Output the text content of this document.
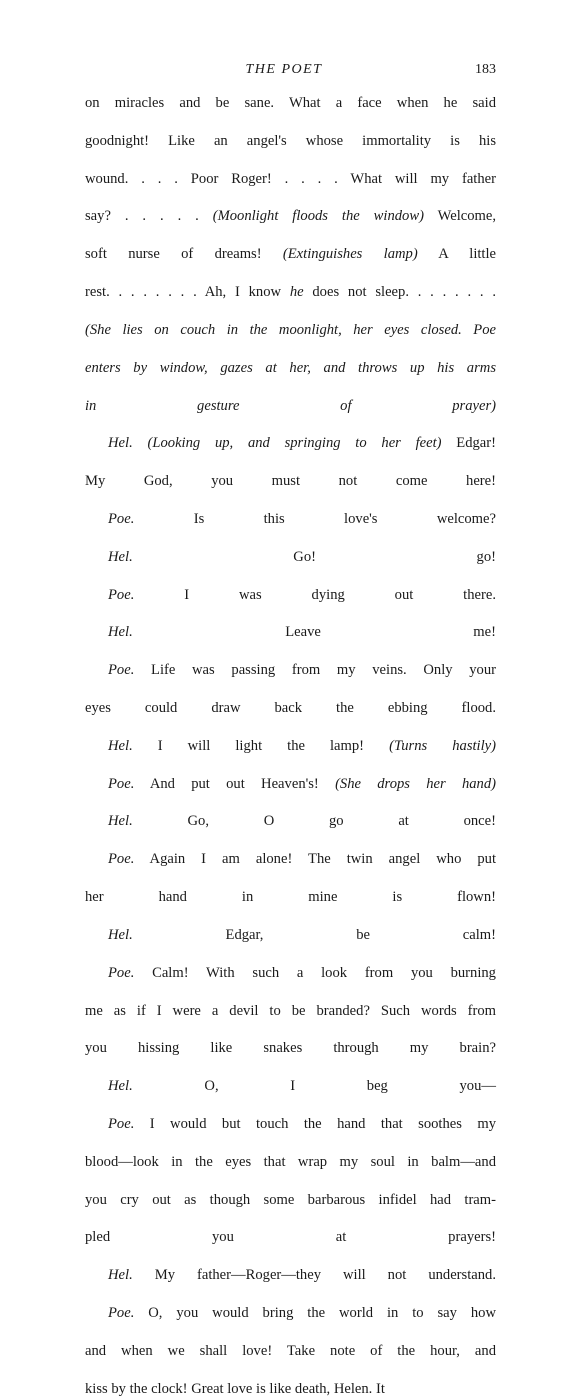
THE POET	183

on miracles and be sane. What a face when he said

goodnight! Like an angel's whose immortality is his

wound. . . . Poor Roger! . . . . What will my father

say? . . . . . (Moonlight floods the window) Welcome,

soft nurse of dreams! (Extinguishes lamp) A little

rest. . . . . . . . Ah, I know he does not sleep. . . . . . . .

(She lies on couch in the moonlight, her eyes closed. Poe

enters by window, gazes at her, and throws up his arms

in gesture of prayer)

Hel. (Looking up, and springing to her feet) Edgar!

My God, you must not come here!

Poe.	Is this love's welcome?

Hel.	Go! go!

Poe.	I was dying out there.

Hel.	Leave me!

Poe. Life was passing from my veins. Only your

eyes could draw back the ebbing flood.

Hel. I will light the lamp! (Turns hastily)

Poe. And put out Heaven's! (She drops her hand)

Hel.	Go, O go at once!

Poe. Again I am alone! The twin angel who put

her hand in mine is flown!

Hel.	Edgar, be calm!

Poe. Calm! With such a look from you burning

me as if I were a devil to be branded? Such words from

you hissing like snakes through my brain?

Hel.	O, I beg you—

Poe. I would but touch the hand that soothes my

blood—look in the eyes that wrap my soul in balm—and

you cry out as though some barbarous infidel had tram-

pled you at prayers!

Hel. My father—Roger—they will not understand.

Poe. O, you would bring the world in to say how

and when we shall love! Take note of the hour, and

kiss by the clock! Great love is like death, Helen. It
